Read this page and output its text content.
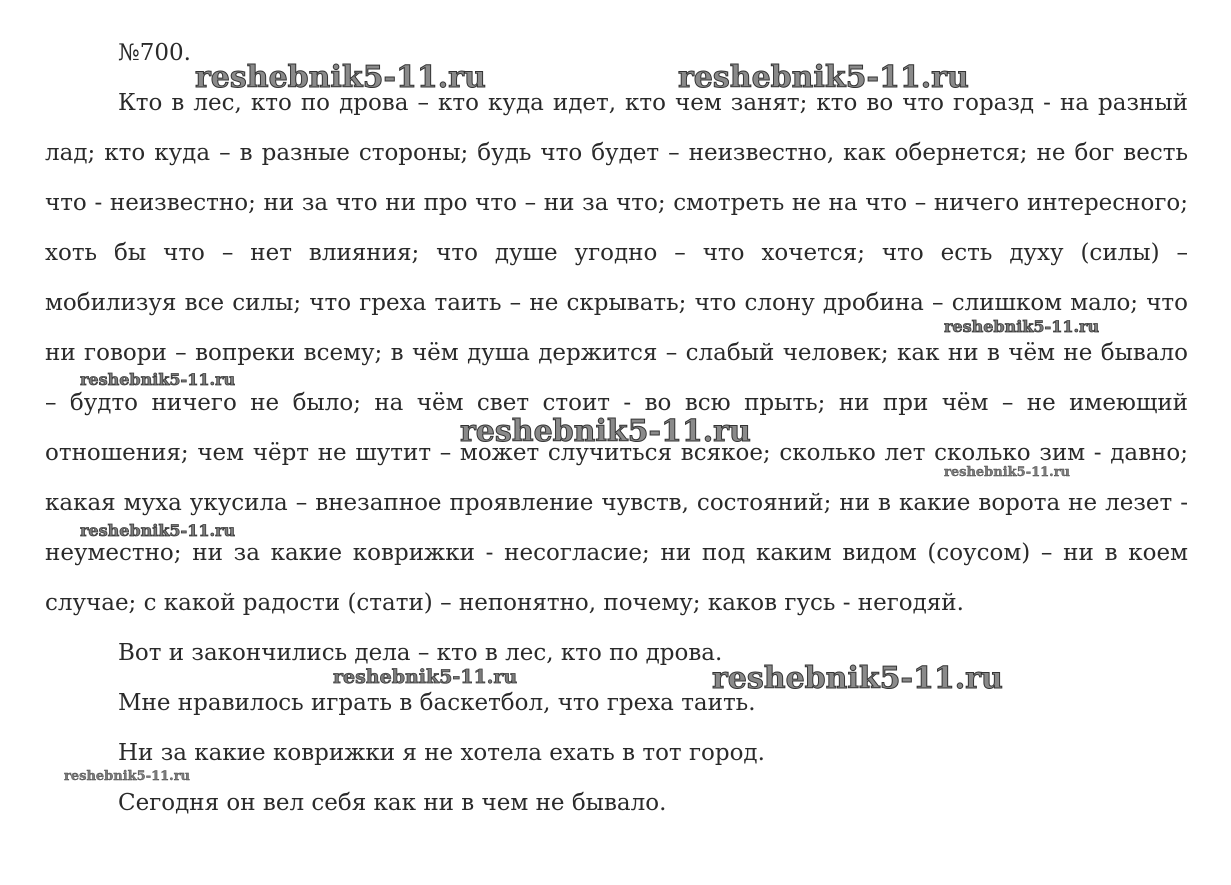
№700.
Кто в лес, кто по дрова – кто куда идет, кто чем занят; кто во что горазд - на разный
лад; кто куда – в разные стороны; будь что будет – неизвестно, как обернется; не бог весть
что - неизвестно; ни за что ни про что – ни за что; смотреть не на что – ничего интересного;
хоть бы что – нет влияния; что душе угодно – что хочется; что есть духу (силы) –
мобилизуя все силы; что греха таить – не скрывать; что слону дробина – слишком мало; что
ни говори – вопреки всему; в чём душа держится – слабый человек; как ни в чём не бывало
– будто ничего не было; на чём свет стоит - во всю прыть; ни при чём – не имеющий
отношения; чем чёрт не шутит – может случиться всякое; сколько лет сколько зим - давно;
какая муха укусила – внезапное проявление чувств, состояний; ни в какие ворота не лезет -
неуместно; ни за какие коврижки - несогласие; ни под каким видом (соусом) – ни в коем
случае; с какой радости (стати) – непонятно, почему; каков гусь - негодяй.
Вот и закончились дела – кто в лес, кто по дрова.
Мне нравилось играть в баскетбол, что греха таить.
Ни за какие коврижки я не хотела ехать в тот город.
Сегодня он вел себя как ни в чем не бывало.
reshebnik5-11.ru	reshebnik5-11.ru
reshebnik5-11.ru
reshebnik5-11.ru
reshebnik5-11.ru
reshebnik5-11.ru
reshebnik5-11.ru
reshebnik5-11.ru	reshebnik5-11.ru
reshebnik5-11.ru
